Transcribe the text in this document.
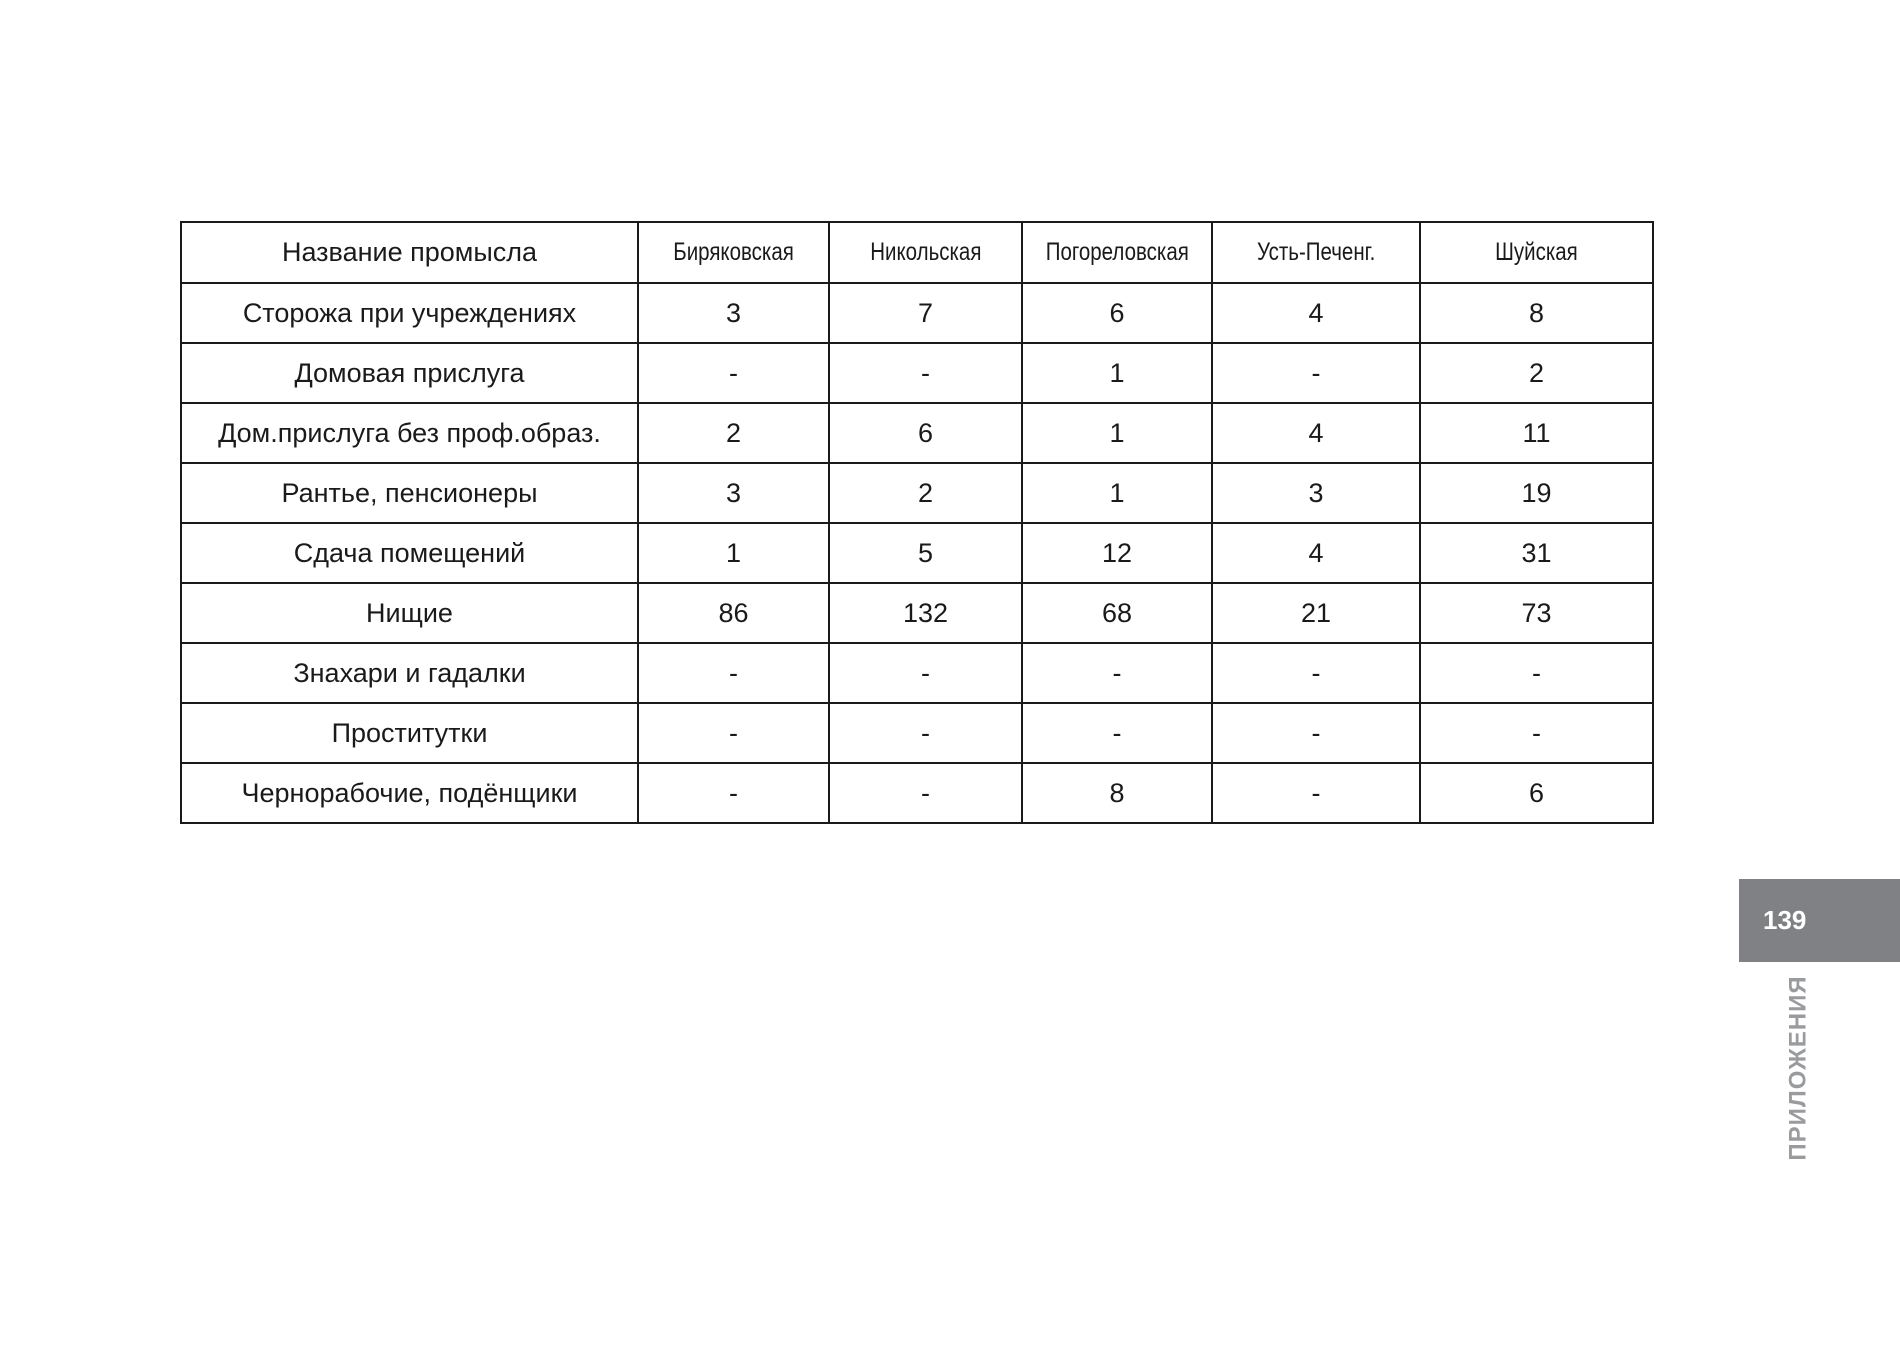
Название промысла	Биряковская	Никольская	Погореловская	Усть-Печенг.	Шуйская
Сторожа при учреждениях	3	7	6	4	8
Домовая прислуга	-	-	1	-	2
Дом.прислуга без проф.образ.	2	6	1	4	11
Рантье, пенсионеры	3	2	1	3	19
Сдача помещений	1	5	12	4	31
Нищие	86	132	68	21	73
Знахари и гадалки	-	-	-	-	-
Проститутки	-	-	-	-	-
Чернорабочие, подёнщики	-	-	8	-	6
139
ПРИЛОЖЕНИЯ
